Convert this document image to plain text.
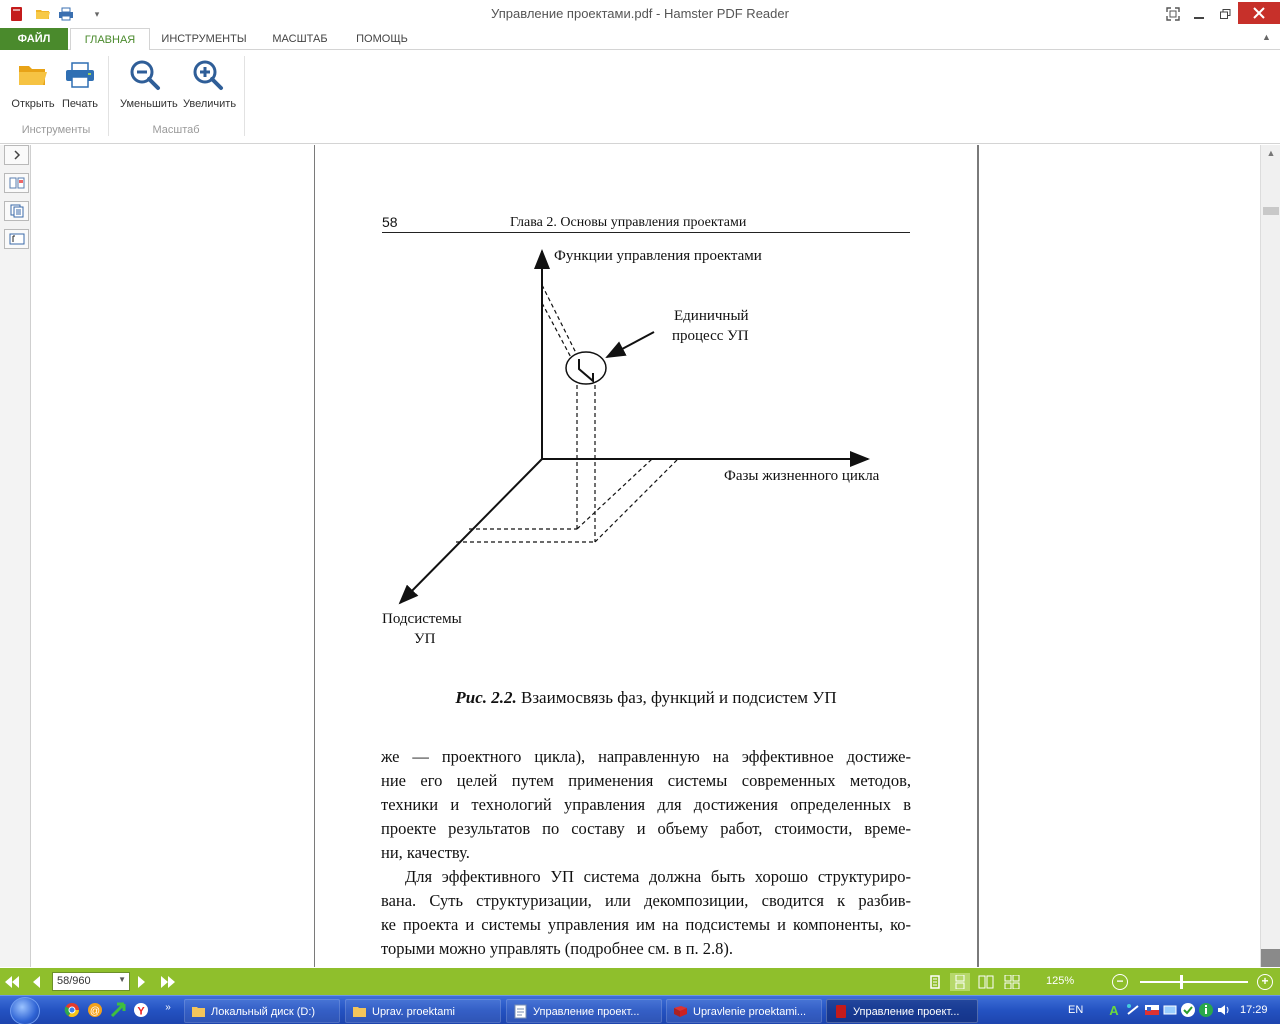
▾	Управление проектами.pdf - Hamster PDF Reader
ФАЙЛ	ГЛАВНАЯ	ИНСТРУМЕНТЫ	МАСШТАБ	ПОМОЩЬ	▲
Открыть Печать	Уменьшить Увеличить
Инструменты	Масштаб
58	Глава 2. Основы управления проектами
Функции управления проектами
Фазы жизненного цикла
Подсистемы
УП
Единичный
процесс УП
Рис. 2.2. Взаимосвязь фаз, функций и подсистем УП
же — проектного цикла), направленную на эффективное достиже-
ние его целей путем применения системы современных методов,
техники и технологий управления для достижения определенных в
проекте результатов по составу и объему работ, стоимости, време-
ни, качеству.
Для эффективного УП система должна быть хорошо структуриро-
вана. Суть структуризации, или декомпозиции, сводится к разбив-
ке проекта и системы управления им на подсистемы и компоненты, ко-
торыми можно управлять (подробнее см. в п. 2.8).
▲
58/960	▼	125%	−	+
@	Y	»	Локальный диск (D:)	Uprav. proektami	Управление проект...	Upravlenie proektami...	Управление проект...	EN A	17:29
